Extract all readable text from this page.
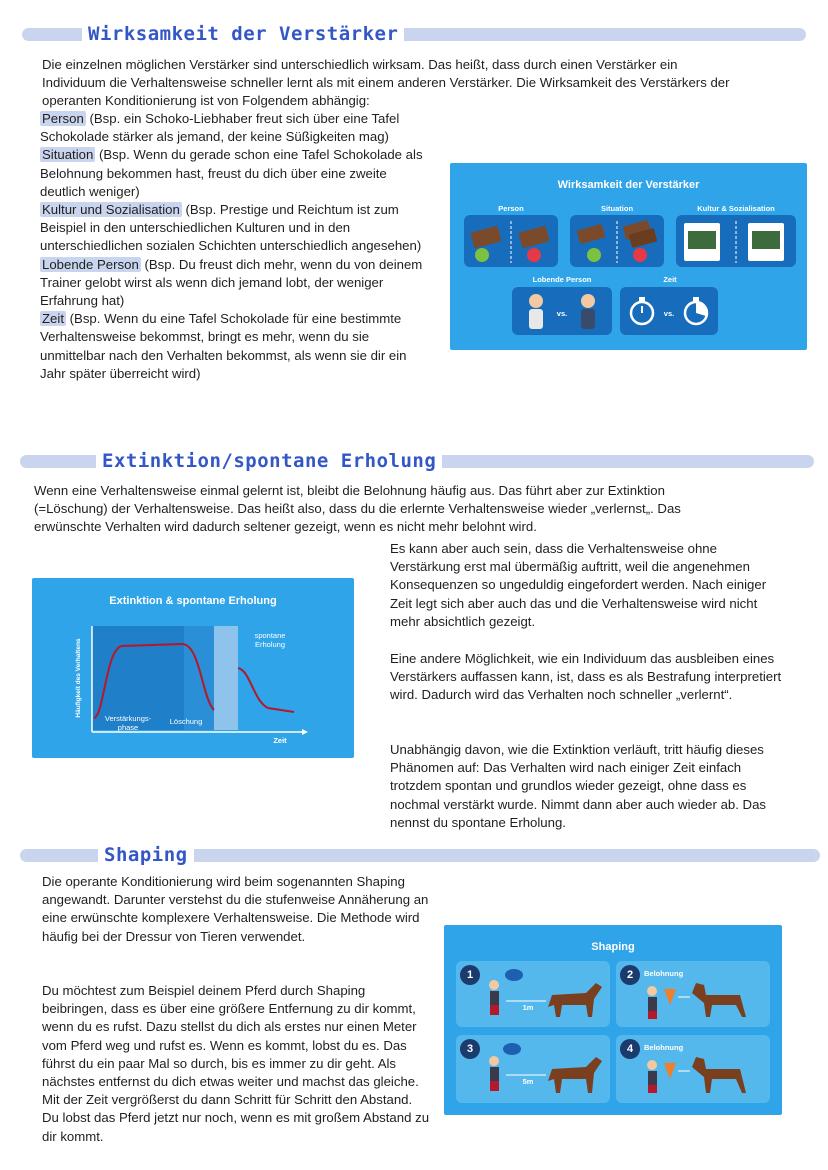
Wirksamkeit der Verstärker
Die einzelnen möglichen Verstärker sind unterschiedlich wirksam. Das heißt, dass durch einen Verstärker ein Individuum die Verhaltensweise schneller lernt als mit einem anderen Verstärker. Die Wirksamkeit des Verstärkers der operanten Konditionierung ist von Folgendem abhängig:
Person (Bsp. ein Schoko-Liebhaber freut sich über eine Tafel Schokolade stärker als jemand, der keine Süßigkeiten mag)
Situation (Bsp. Wenn du gerade schon eine Tafel Schokolade als Belohnung bekommen hast, freust du dich über eine zweite deutlich weniger)
Kultur und Sozialisation (Bsp. Prestige und Reichtum ist zum Beispiel in den unterschiedlichen Kulturen und in den unterschiedlichen sozialen Schichten unterschiedlich angesehen)
Lobende Person (Bsp. Du freust dich mehr, wenn du von deinem Trainer gelobt wirst als wenn dich jemand lobt, der weniger Erfahrung hat)
Zeit (Bsp. Wenn du eine Tafel Schokolade für eine bestimmte Verhaltensweise bekommst, bringt es mehr, wenn du sie unmittelbar nach den Verhalten bekommst, als wenn sie dir ein Jahr später überreicht wird)
Wirksamkeit der Verstärker
Person	Situation	Kultur & Sozialisation
Lobende Person	Zeit
vs.	vs.
Extinktion/spontane Erholung
Wenn eine Verhaltensweise einmal gelernt ist, bleibt die Belohnung häufig aus. Das führt aber zur Extinktion (=Löschung) der Verhaltensweise. Das heißt also, dass du die erlernte Verhaltensweise wieder „verlernst„. Das erwünschte Verhalten wird dadurch seltener gezeigt, wenn es nicht mehr belohnt wird.
Es kann aber auch sein, dass die Verhaltensweise ohne Verstärkung erst mal übermäßig auftritt, weil die angenehmen Konsequenzen so ungeduldig eingefordert werden. Nach einiger Zeit legt sich aber auch das und die Verhaltensweise wird nicht mehr absichtlich gezeigt.
Eine andere Möglichkeit, wie ein Individuum das ausbleiben eines Verstärkers auffassen kann, ist, dass es als Bestrafung interpretiert wird. Dadurch wird das Verhalten noch schneller „verlernt“.
Unabhängig davon, wie die Extinktion verläuft, tritt häufig dieses Phänomen auf: Das Verhalten wird nach einiger Zeit einfach trotzdem spontan und grundlos wieder gezeigt, ohne dass es nochmal verstärkt wurde. Nimmt dann aber auch wieder ab. Das nennst du spontane Erholung.
Extinktion & spontane Erholung
Häufigkeit des Verhaltens
Zeit
Verstärkungs-
phase
Löschung
spontane
Erholung
Shaping
Die operante Konditionierung wird beim sogenannten Shaping angewandt. Darunter verstehst du die stufenweise Annäherung an eine erwünschte komplexere Verhaltensweise. Die Methode wird häufig bei der Dressur von Tieren verwendet.
Du möchtest zum Beispiel deinem Pferd durch Shaping beibringen, dass es über eine größere Entfernung zu dir kommt, wenn du es rufst. Dazu stellst du dich als erstes nur einen Meter vom Pferd weg und rufst es. Wenn es kommt, lobst du es. Das führst du ein paar Mal so durch, bis es immer zu dir geht. Als nächstes entfernst du dich etwas weiter und machst das gleiche. Mit der Zeit vergrößerst du dann Schritt für Schritt den Abstand. Du lobst das Pferd jetzt nur noch, wenn es mit großem Abstand zu dir kommt.
Shaping
1
1m
2	Belohnung
3
5m
4	Belohnung
